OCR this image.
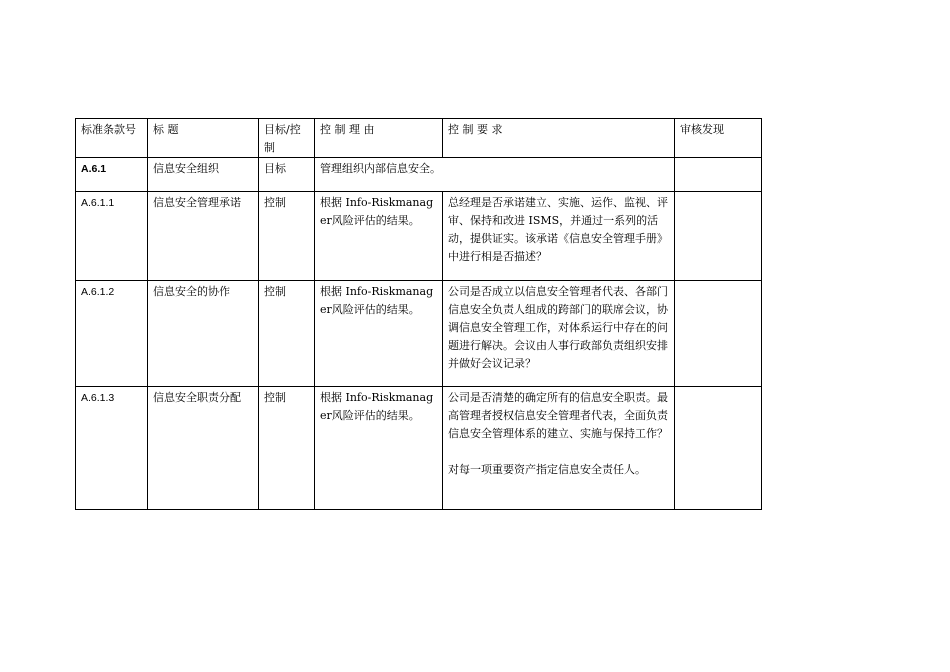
标准条款号	标 题	目标/控制	控 制 理 由	控 制 要 求	审核发现
A.6.1	信息安全组织	目标	管理组织内部信息安全。		
A.6.1.1	信息安全管理承诺	控制	根据 Info-Riskmanager风险评估的结果。	总经理是否承诺建立、实施、运作、监视、评审、保持和改进 ISMS，并通过一系列的活动，提供证实。该承诺《信息安全管理手册》中进行相是否描述？	
A.6.1.2	信息安全的协作	控制	根据 Info-Riskmanager风险评估的结果。	公司是否成立以信息安全管理者代表、各部门信息安全负责人组成的跨部门的联席会议，协调信息安全管理工作，对体系运行中存在的问题进行解决。会议由人事行政部负责组织安排并做好会议记录？	
A.6.1.3	信息安全职责分配	控制	根据 Info-Riskmanager风险评估的结果。	公司是否清楚的确定所有的信息安全职责。最高管理者授权信息安全管理者代表，全面负责信息安全管理体系的建立、实施与保持工作？

对每一项重要资产指定信息安全责任人。	
